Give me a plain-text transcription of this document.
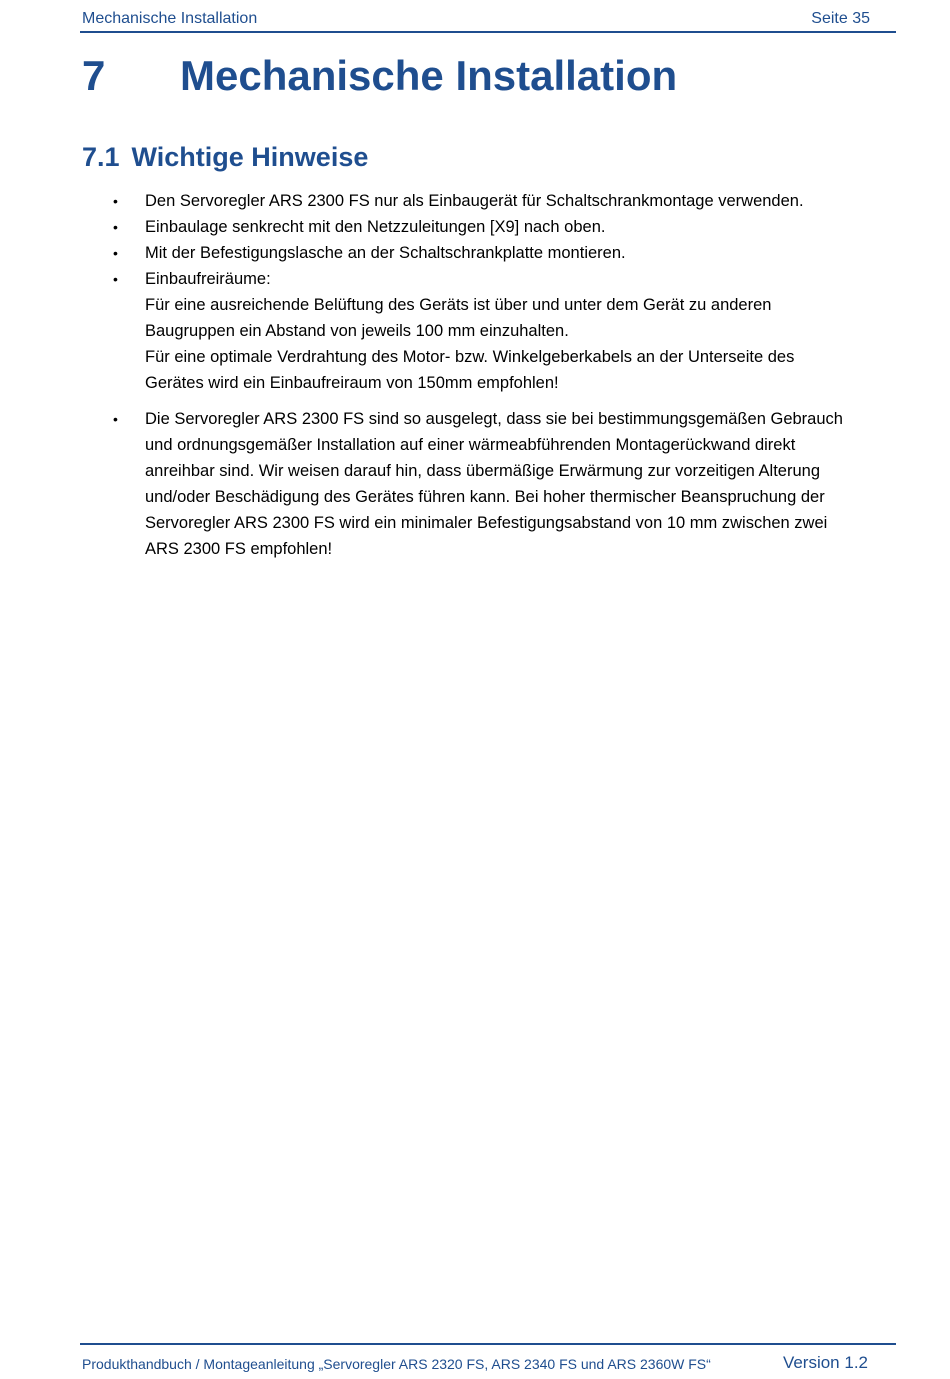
Mechanische Installation	Seite 35
7 Mechanische Installation
7.1 Wichtige Hinweise
• Den Servoregler ARS 2300 FS nur als Einbaugerät für Schaltschrankmontage verwenden.
• Einbaulage senkrecht mit den Netzzuleitungen [X9] nach oben.
• Mit der Befestigungslasche an der Schaltschrankplatte montieren.
• Einbaufreiräume:
Für eine ausreichende Belüftung des Geräts ist über und unter dem Gerät zu anderen
Baugruppen ein Abstand von jeweils 100 mm einzuhalten.
Für eine optimale Verdrahtung des Motor- bzw. Winkelgeberkabels an der Unterseite des
Gerätes wird ein Einbaufreiraum von 150mm empfohlen!
• Die Servoregler ARS 2300 FS sind so ausgelegt, dass sie bei bestimmungsgemäßen Gebrauch
und ordnungsgemäßer Installation auf einer wärmeabführenden Montagerückwand direkt
anreihbar sind. Wir weisen darauf hin, dass übermäßige Erwärmung zur vorzeitigen Alterung
und/oder Beschädigung des Gerätes führen kann. Bei hoher thermischer Beanspruchung der
Servoregler ARS 2300 FS wird ein minimaler Befestigungsabstand von 10 mm zwischen zwei
ARS 2300 FS empfohlen!
Produkthandbuch / Montageanleitung „Servoregler ARS 2320 FS, ARS 2340 FS und ARS 2360W FS“	Version 1.2
